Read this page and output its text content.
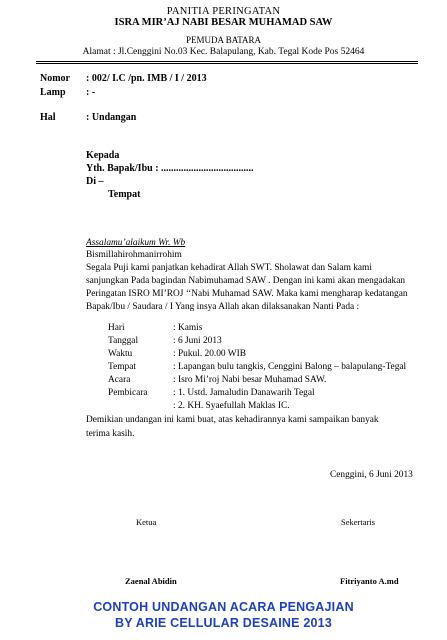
PANITIA PERINGATAN
ISRA MIR’AJ NABI BESAR MUHAMAD SAW
PEMUDA BATARA
Alamat : Jl.Cenggini No.03 Kec. Balapulang, Kab. Tegal Kode Pos 52464
Nomor : 002/ I.C /pn. IMB / I / 2013
Lamp : -
Hal	: Undangan
Kepada
Yth. Bapak/Ibu : .....................................
Di –
Tempat
Assalamu’alaikum Wr. Wb
Bismillahirohmanirrohim
Segala Puji kami panjatkan kehadirat Allah SWT. Sholawat dan Salam kami
sanjungkan Pada bagindan Nabimuhamad SAW . Dengan ini kami akan mengadakan
Peringatan ISRO MI’ROJ ‘‘Nabi Muhamad SAW. Maka kami mengharap kedatangan
Bapak/Ibu / Saudara / I Yang insya Allah akan dilaksanakan Nanti Pada :
Hari	: Kamis
Tanggal	: 6 Juni 2013
Waktu	: Pukul. 20.00 WIB
Tempat	: Lapangan bulu tangkis, Cenggini Balong – balapulang-Tegal
Acara	: Isro Mi’roj Nabi besar Muhamad SAW.
Pembicara	: 1. Ustd. Jamaludin Danawarih Tegal
: 2. KH. Syaefullah Maklas IC.
Demikian undangan ini kami buat, atas kehadirannya kami sampaikan banyak
terima kasih.
Cenggini, 6 Juni 2013
Ketua	Sekertaris
Zaenal Abidin	Fitriyanto A.md
CONTOH UNDANGAN ACARA PENGAJIAN
BY ARIE CELLULAR DESAINE 2013
